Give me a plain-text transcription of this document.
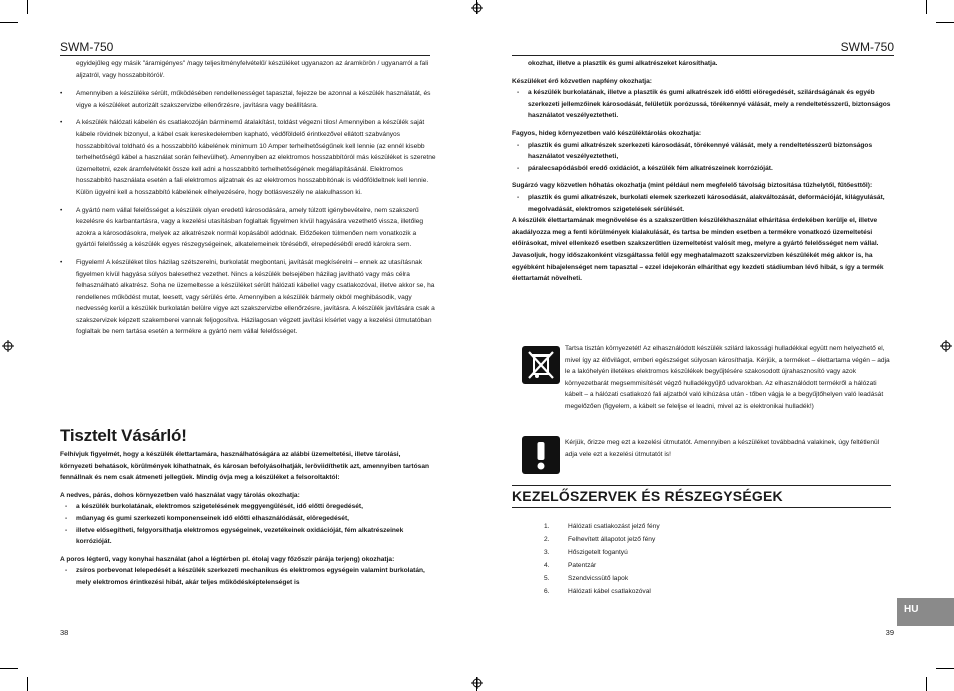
SWM-750

egyidejűleg egy másik "áramigényes" /nagy teljesítményfelvételű/ készüléket ugyanazon az áramkörön / ugyanarról a fali aljzatról, vagy hosszabbítóról/.

• Amennyiben a készüléke sérült, működésében rendellenességet tapasztal, fejezze be azonnal a készülék használatát, és vigye a készüléket autorizált szakszervizbe ellenőrzésre, javításra vagy beállításra.
• A készülék hálózati kábelén és csatlakozóján bárminemű átalakítást, toldást végezni tilos! Amennyiben a készülék saját kábele rövidnek bizonyul, a kábel csak kereskedelemben kapható, védőföldelő érintkezővel ellátott szabványos hosszabbítóval toldható és a hosszabbító kábelének minimum 10 Amper terhelhetőségűnek kell lennie (az ennél kisebb terhelhetőségű kábel a használat során felhevülhet). Amennyiben az elektromos hosszabbítóról más készüléket is szeretne üzemeltetni, ezek áramfelvételét össze kell adni a hosszabbító terhelhetőségének megállapításánál. Elektromos hosszabbító használata esetén a fali elektromos aljzatnak és az elektromos hosszabbítónak is védőföldeltnek kell lennie. Külön ügyelni kell a hosszabbító kábelének elhelyezésére, hogy botlásveszély ne alakulhasson ki.
• A gyártó nem vállal felelősséget a készülék olyan eredetű károsodására, amely túlzott igénybevételre, nem szakszerű kezelésre és karbantartásra, vagy a kezelési utasításban foglaltak figyelmen kívül hagyására vezethető vissza, illetőleg azokra a károsodásokra, melyek az alkatrészek normál kopásából adódnak. Előzőeken túlmenően nem vonatkozik a gyártói felelősség a készülék egyes részegységeinek, alkatelemeinek töréséből, elrepedéséből eredő károkra sem.
• Figyelem! A készüléket tilos házilag szétszerelni, burkolatát megbontani, javítását megkísérelni – ennek az utasításnak figyelmen kívül hagyása súlyos balesethez vezethet. Nincs a készülék belsejében házilag javítható vagy más célra felhasználható alkatrész. Soha ne üzemeltesse a készüléket sérült hálózati kábellel vagy csatlakozóval, illetve akkor se, ha rendellenes működést mutat, leesett, vagy sérülés érte. Amennyiben a készülék bármely okból meghibásodik, vagy nedvesség kerül a készülék burkolatán belülre vigye azt szakszervizbe ellenőrzésre, javításra. A készülék javítására csak a szakszervizek képzett szakemberei vannak feljogosítva. Házilagosan végzett javítási kísérlet vagy a kezelési útmutatóban foglaltak be nem tartása esetén a termékre a gyártó nem vállal felelősséget.
Tisztelt Vásárló!

Felhívjuk figyelmét, hogy a készülék élettartamára, használhatóságára az alábbi üzemeltetési, illetve tárolási, környezeti behatások, körülmények kihathatnak, és károsan befolyásolhatják, leröviidíthetik azt, amennyiben tartósan fennállnak és nem csak átmeneti jellegűek. Mindig óvja meg a készüléket a felsoroltaktól:

A nedves, párás, dohos környezetben való használat vagy tárolás okozhatja:

- a készülék burkolatának, elektromos szigetelésének meggyengülését, idő előtti öregedését,
- műanyag és gumi szerkezeti komponenseinek idő előtti elhasználódását, elöregedését,
- illetve elősegítheti, felgyorsíthatja elektromos egységeinek, vezetékeinek oxidációját, fém alkatrészeinek korrózióját.

A poros légterű, vagy konyhai használat (ahol a légtérben pl. étolaj vagy főzőszír párája terjeng) okozhatja:

- zsíros porbevonat lelepedését a készülék szerkezeti mechanikus és elektromos egységein valamint burkolatán, mely elektromos érintkezési hibát, akár teljes működésképtelenséget is
38
SWM-750

okozhat, illetve a plasztik és gumi alkatrészeket károsíthatja.

Készüléket érő közvetlen napfény okozhatja:

- a készülék burkolatának, illetve a plasztik és gumi alkatrészek idő előtti elöregedését, szilárdságának és egyéb szerkezeti jellemzőinek károsodását, felületük porózussá, törékennyé válását, mely a rendeltetésszerű, biztonságos használatot veszélyeztetheti.

Fagyos, hideg környezetben való készüléktárolás okozhatja:

- plasztik és gumi alkatrészek szerkezeti károsodását, törékennyé válását, mely a rendeltetésszerű biztonságos használatot veszélyeztetheti,
- páralecsapódásból eredő oxidációt, a készülék fém alkatrészeinek korrózióját.

Sugárzó vagy közvetlen hőhatás okozhatja (mint például nem megfelelő távolság biztosítása tűzhelytől, fűtőesttől):

- plasztik és gumi alkatrészek, burkolati elemek szerkezeti károsodását, alakváltozását, deformációját, kilágyulását, megolvadását, elektromos szigetelések sérülését.

A készülék élettartamának megnövelése és a szakszerűtlen készülékhasználat elhárítása érdekében kerülje el, illetve akadályozza meg a fenti körülmények kialakulását, és tartsa be minden esetben a termékre vonatkozó üzemeltetési előírásokat, mivel ellenkező esetben szakszerűtlen üzemeltetést valósít meg, melyre a gyártó felelősséget nem vállal. Javasoljuk, hogy időszakonként vizsgáltassa felül egy meghatalmazott szakszervizben készülékét még akkor is, ha egyébként hibajelenséget nem tapasztal – ezzel idejekorán elháríthat egy kezdeti stádiumban lévő hibát, s így a termék élettartamát növelheti.

Tartsa tisztán környezetét! Az elhasználódott készülék szilárd lakossági hulladékkal együtt nem helyezhető el, mivel így az élővilágot, emberi egészséget súlyosan károsíthatja. Kérjük, a terméket – élettartama végén – adja le a lakóhelyén illetékes elektromos készülékek begyűjtésére szakosodott újrahasznosító vagy azok környezetbarát megsemmisítését végző hulladékgyűjtő udvarokban. Az elhasználódott termékről a hálózati kábelt – a hálózati csatlakozó fali aljzatból való kihúzása után - tőben vágja le a begyűjtőhelyen való leadását megelőzően (figyelem, a kábelt se feleljse el leadni, mivel az is elektronikai hulladék!)
Kérjük, őrizze meg ezt a kezelési útmutatót. Amennyiben a készüléket továbbadná valakinek, úgy feltétlenül adja vele ezt a kezelési útmutatót is!
KEZELŐSZERVEK ÉS RÉSZEGYSÉGEK
1.	Hálózati csatlakozást jelző fény
2.	Felhevített állapotot jelző fény
3.	Hőszigetelt fogantyú
4.	Patentzár
5.	Szendvicssütő lapok
6.	Hálózati kábel csatlakozóval
HU
39
